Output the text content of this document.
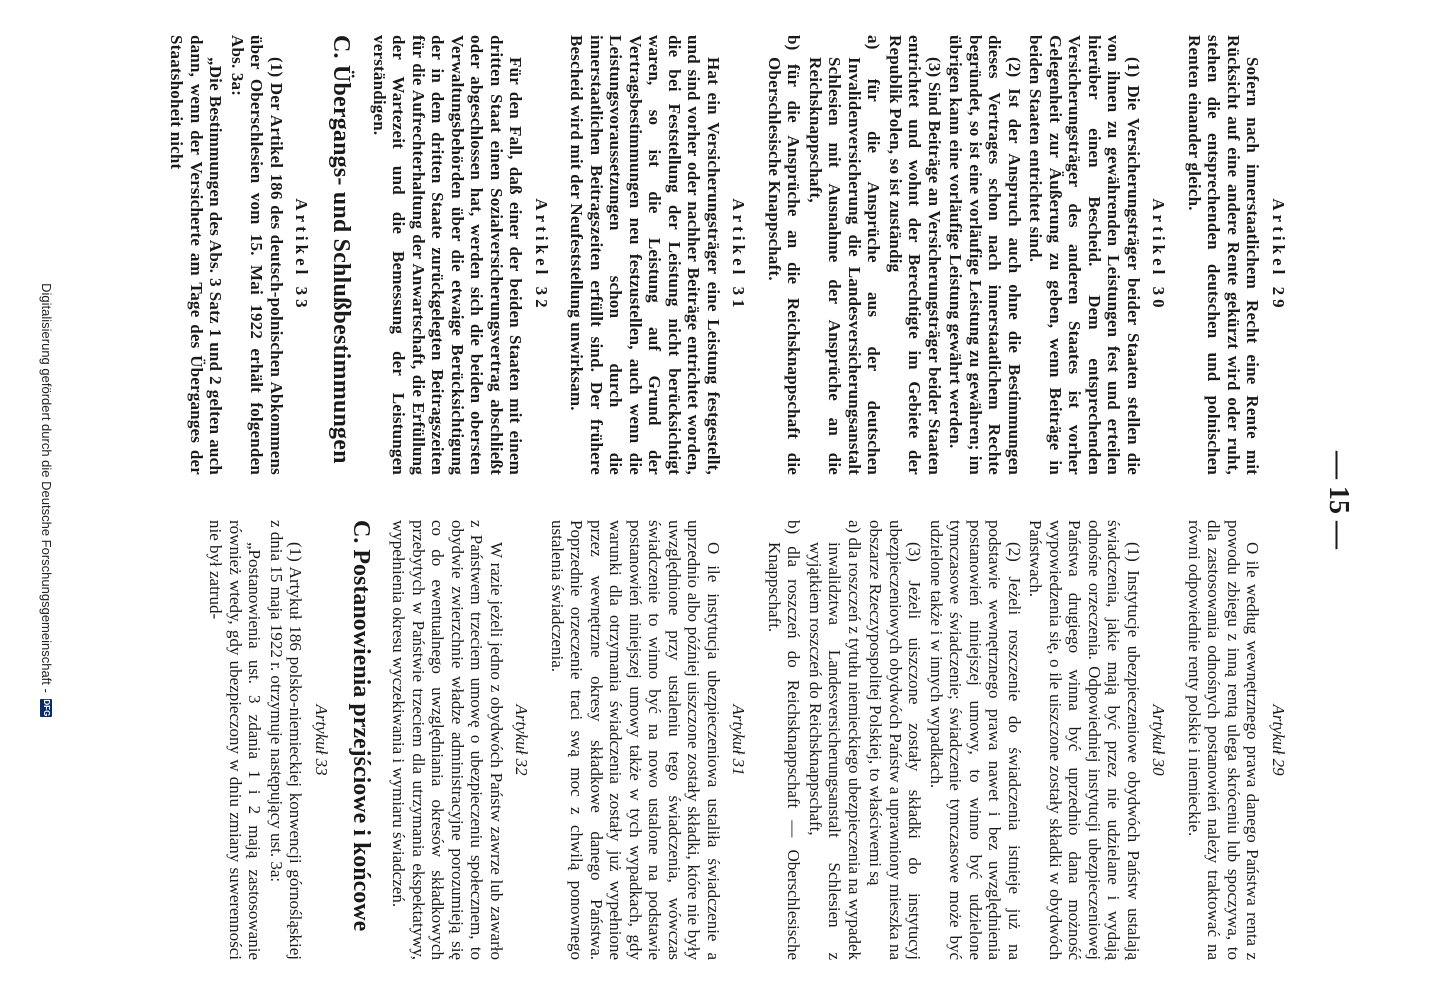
— 15 —
Artikel 29

Sofern nach innerstaatlichem Recht eine Rente mit Rücksicht auf eine andere Rente gekürzt wird oder ruht, stehen die entsprechenden deutschen und polnischen Renten einander gleich.

Artikel 30

(1) Die Versicherungsträger beider Staaten stellen die von ihnen zu gewährenden Leistungen fest und erteilen hierüber einen Bescheid. Dem entsprechenden Versicherungsträger des anderen Staates ist vorher Gelegenheit zur Äußerung zu geben, wenn Beiträge in beiden Staaten entrichtet sind.

(2) Ist der Anspruch auch ohne die Bestimmungen dieses Vertrages schon nach innerstaatlichem Rechte begründet, so ist eine vorläufige Leistung zu gewähren; im übrigen kann eine vorläufige Leistung gewährt werden.

(3) Sind Beiträge an Versicherungsträger beider Staaten entrichtet und wohnt der Berechtigte im Gebiete der Republik Polen, so ist zuständig

a) für die Ansprüche aus der deutschen Invalidenversicherung die Landesversicherungsanstalt Schlesien mit Ausnahme der Ansprüche an die Reichsknappschaft,

b) für die Ansprüche an die Reichsknappschaft die Oberschlesische Knappschaft.

Artikel 31

Hat ein Versicherungsträger eine Leistung festgestellt, und sind vorher oder nachher Beiträge entrichtet worden, die bei Feststellung der Leistung nicht berücksichtigt waren, so ist die Leistung auf Grund der Vertragsbestimmungen neu festzustellen, auch wenn die Leistungsvoraussetzungen schon durch die innerstaatlichen Beitragszeiten erfüllt sind. Der frühere Bescheid wird mit der Neufeststellung unwirksam.

Artikel 32

Für den Fall, daß einer der beiden Staaten mit einem dritten Staat einen Sozialversicherungsvertrag abschließt oder abgeschlossen hat, werden sich die beiden obersten Verwaltungsbehörden über die etwaige Berücksichtigung der in dem dritten Staate zurückgelegten Beitragszeiten für die Aufrechterhaltung der Anwartschaft, die Erfüllung der Wartezeit und die Bemessung der Leistungen verständigen.

C. Übergangs- und Schlußbestimmungen
Artikel 33

(1) Der Artikel 186 des deutsch-polnischen Abkommens über Oberschlesien vom 15. Mai 1922 erhält folgenden Abs. 3a:

„Die Bestimmungen des Abs. 3 Satz 1 und 2 gelten auch dann, wenn der Versicherte am Tage des Überganges der Staatshoheit nicht

Artykuł 29

O ile według wewnętrznego prawa danego Państwa renta z powodu zbiegu z inną rentą ulega skróceniu lub spoczywa, to dla zastosowania odnośnych postanowień należy traktować na równi odpowiednie renty polskie i niemieckie.

Artykuł 30

(1) Instytucje ubezpieczeniowe obydwóch Państw ustalają świadczenia, jakie mają być przez nie udzielane i wydają odnośne orzeczenia. Odpowiedniej instytucji ubezpieczeniowej Państwa drugiego winna być uprzednio dana możność wypowiedzenia się, o ile uiszczone zostały składki w obydwóch Państwach.

(2) Jeżeli roszczenie do świadczenia istnieje już na podstawie wewnętrznego prawa nawet i bez uwzględnienia postanowień niniejszej umowy, to winno być udzielone tymczasowe świadczenie; świadczenie tymczasowe może być udzielone także i w innych wypadkach.

(3) Jeżeli uiszczone zostały składki do instytucyj ubezpieczeniowych obydwóch Państw a uprawniony mieszka na obszarze Rzeczypospolitej Polskiej, to właściwemi są

a) dla roszczeń z tytułu niemieckiego ubezpieczenia na wypadek inwalidztwa Landesversicherungsanstalt Schlesien z wyjątkiem roszczeń do Reichsknappschaft,

b) dla roszczeń do Reichsknappschaft — Oberschlesische Knappschaft.

Artykuł 31

O ile instytucja ubezpieczeniowa ustaliła świadczenie a uprzednio albo później uiszczone zostały składki, które nie były uwzględnione przy ustaleniu tego świadczenia, wówczas świadczenie to winno być na nowo ustalone na podstawie postanowień niniejszej umowy także w tych wypadkach, gdy warunki dla otrzymania świadczenia zostały już wypełnione przez wewnętrzne okresy składkowe danego Państwa. Poprzednie orzeczenie traci swą moc z chwilą ponownego ustalenia świadczenia.

Artykuł 32

W razie jeżeli jedno z obydwóch Państw zawrze lub zawarło z Państwem trzeciem umowę o ubezpieczeniu społecznem, to obydwie zwierzchnie władze administracyjne porozumieją się co do ewentualnego uwzględniania okresów składkowych przebytych w Państwie trzeciem dla utrzymania ekspektatywy, wypełnienia okresu wyczekiwania i wymiaru świadczeń.

C. Postanowienia przejściowe i końcowe
Artykuł 33

(1) Artykuł 186 polsko-niemieckiej konwencji górnośląskiej z dnia 15 maja 1922 r. otrzymuje następujący ust. 3a:

„Postanowienia ust. 3 zdania 1 i 2 mają zastosowanie również wtedy, gdy ubezpieczony w dniu zmiany suwerenności nie był zatrud-

Digitalisierung gefördert durch die Deutsche Forschungsgemeinschaft -
DFG
